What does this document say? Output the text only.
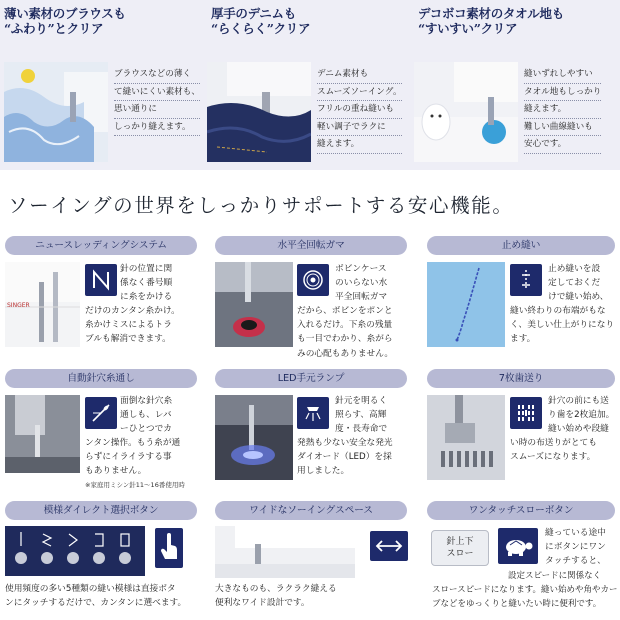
薄い素材のブラウスも
“ふわり”とクリア
ブラウスなどの薄く
て縫いにくい素材も、
思い通りに
しっかり縫えます。
厚手のデニムも
“らくらく”クリア
デニム素材も
スムーズソーイング。
フリルの重ね縫いも
軽い調子でラクに
縫えます。
デコボコ素材のタオル地も
“すいすい”クリア
縫いずれしやすい
タオル地もしっかり
縫えます。
難しい曲線縫いも
安心です。
ソーイングの世界をしっかりサポートする安心機能。
ニュースレッディングシステム
SINGER
針の位置に関
係なく番号順
に糸をかける
だけのカンタン糸かけ。
糸かけミスによるトラ
ブルも解消できます。
水平全回転ガマ
ボビンケース
のいらない水
平全回転ガマ
だから、ボビンをポンと
入れるだけ。下糸の残量
も一目でわかり、糸がら
みの心配もありません。
止め縫い
止め縫いを設
定しておくだ
けで縫い始め、
縫い終わりの布端がもな
く、美しい仕上がりになり
ます。
自動針穴糸通し
面倒な針穴糸
通しも、レバ
ーひとつでカ
ンタン操作。もう糸が通
らずにイライラする事
もありません。
※家庭用ミシン針11〜16番使用時
LED手元ランプ
針元を明るく
照らす、高輝
度・長寿命で
発熱も少ない安全な発光
ダイオード（LED）を採
用しました。
7枚歯送り
針穴の前にも送
り歯を2枚追加。
縫い始めや段縫
い時の布送りがとても
スムーズになります。
模様ダイレクト選択ボタン
使用頻度の多い5種類の縫い模様は直接ボタ
ンにタッチするだけで、カンタンに選べます。
ワイドなソーイングスペース
大きなものも、ラクラク縫える
便利なワイド設計です。
ワンタッチスローボタン
針上下
スロー
縫っている途中
にボタンにワン
タッチすると、
設定スピードに関係なく
スロースピードになります。縫い始めや角やカー
ブなどをゆっくりと縫いたい時に便利です。
